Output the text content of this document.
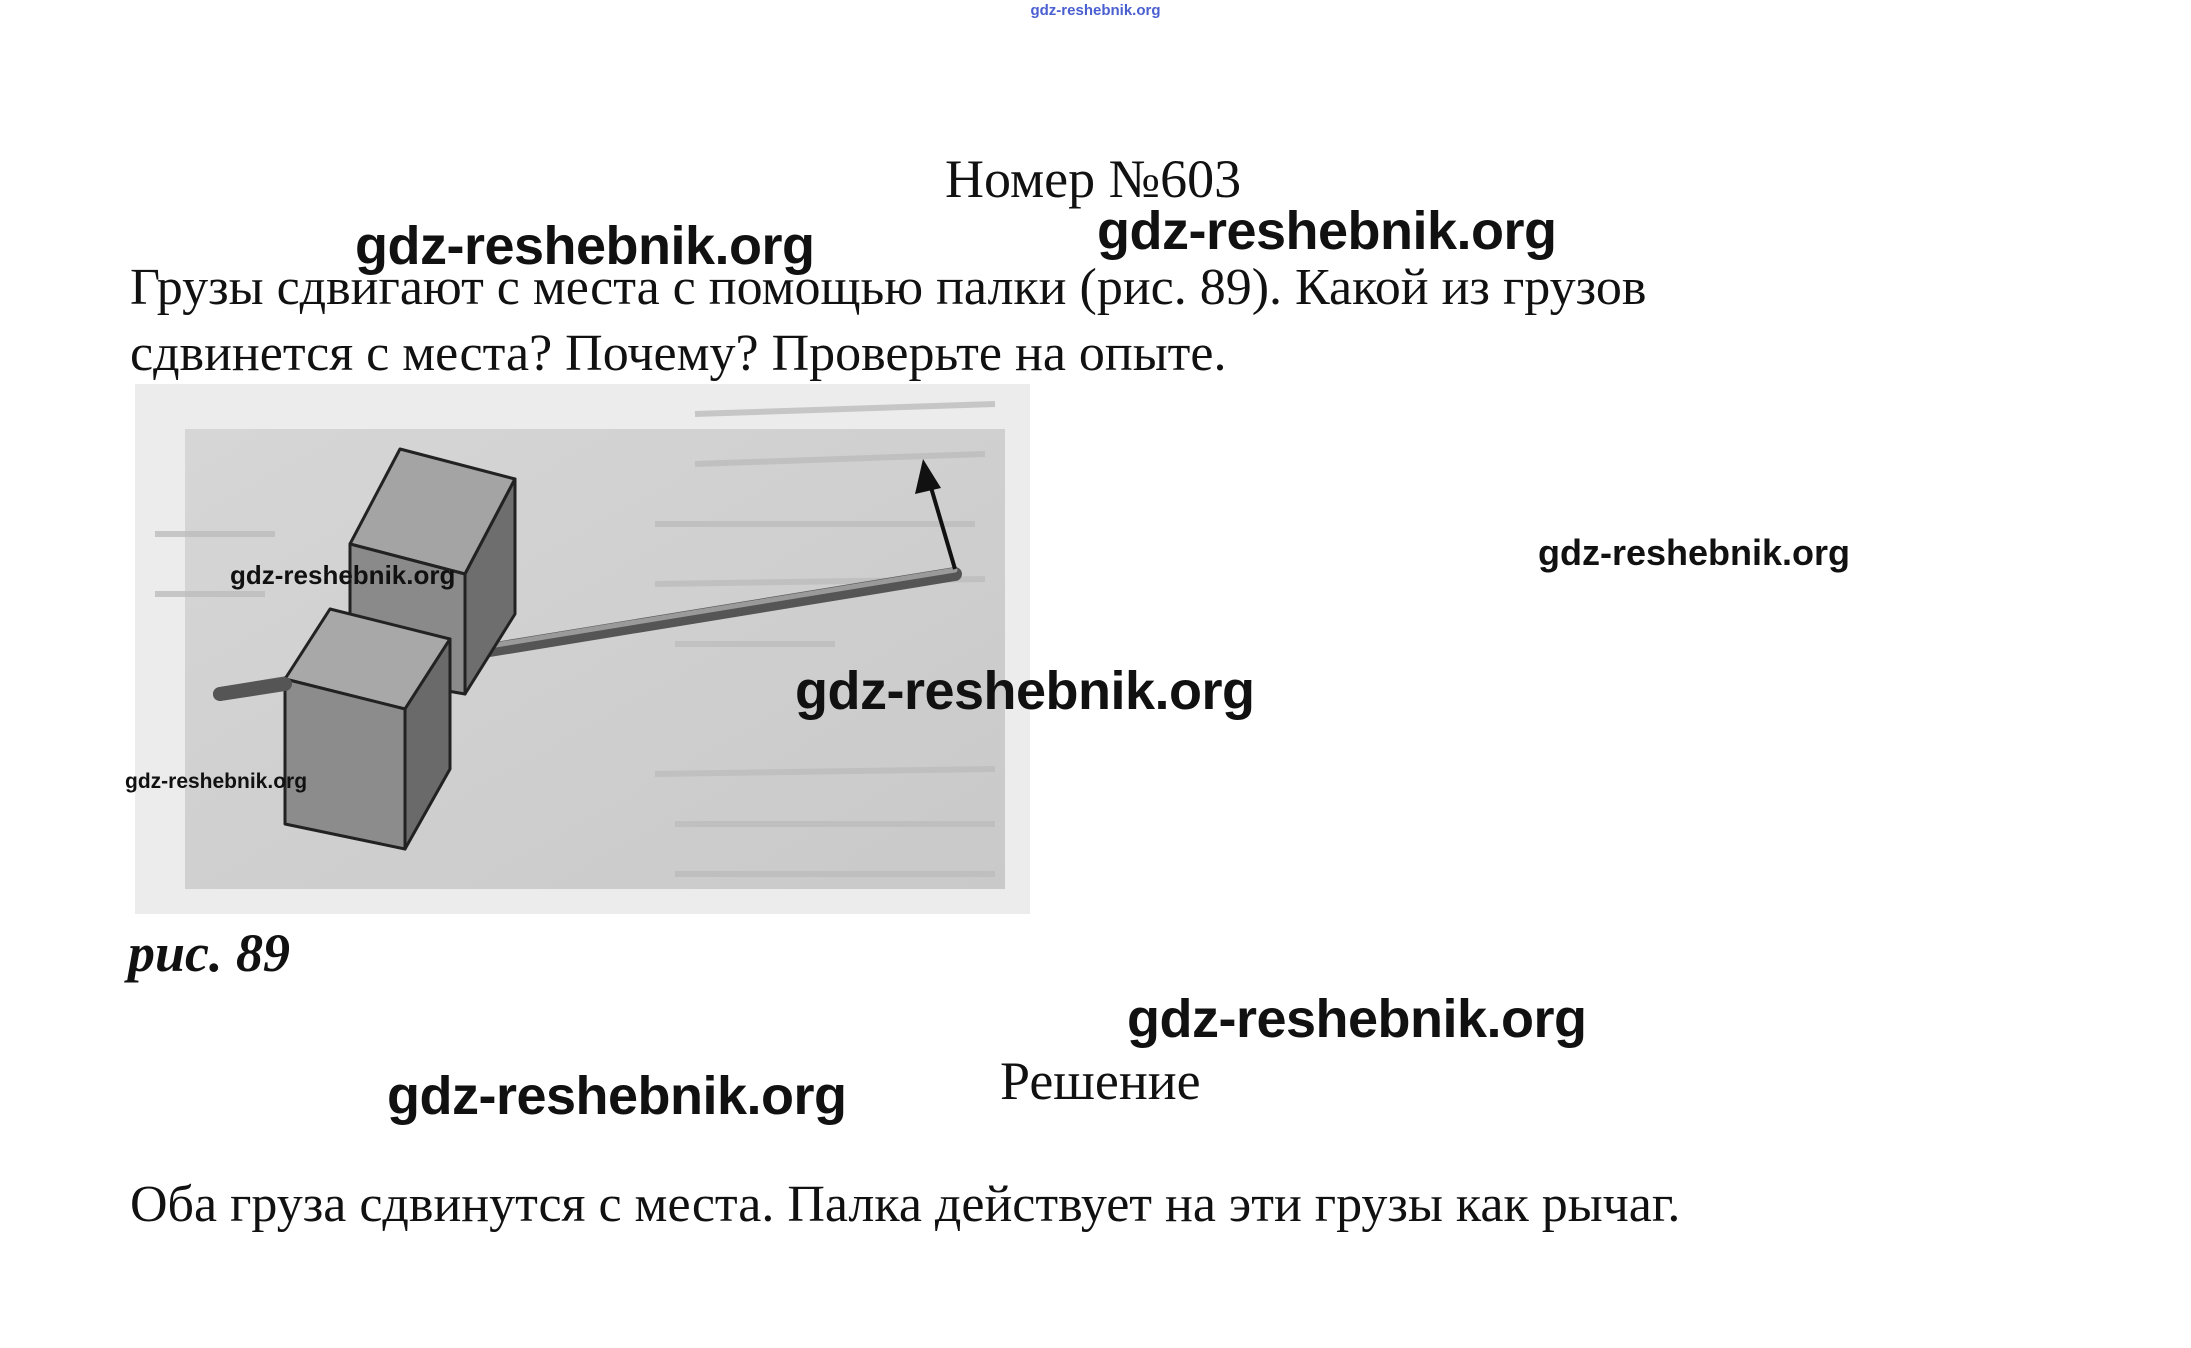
gdz-reshebnik.org
Номер №603
gdz-reshebnik.org	gdz-reshebnik.org
Грузы сдвигают с места с помощью палки (рис. 89). Какой из грузов
сдвинется с места? Почему? Проверьте на опыте.
gdz-reshebnik.org
gdz-reshebnik.org
gdz-reshebnik.org
gdz-reshebnik.org
рис. 89
gdz-reshebnik.org
Решение
gdz-reshebnik.org
Оба груза сдвинутся с места. Палка действует на эти грузы как рычаг.
